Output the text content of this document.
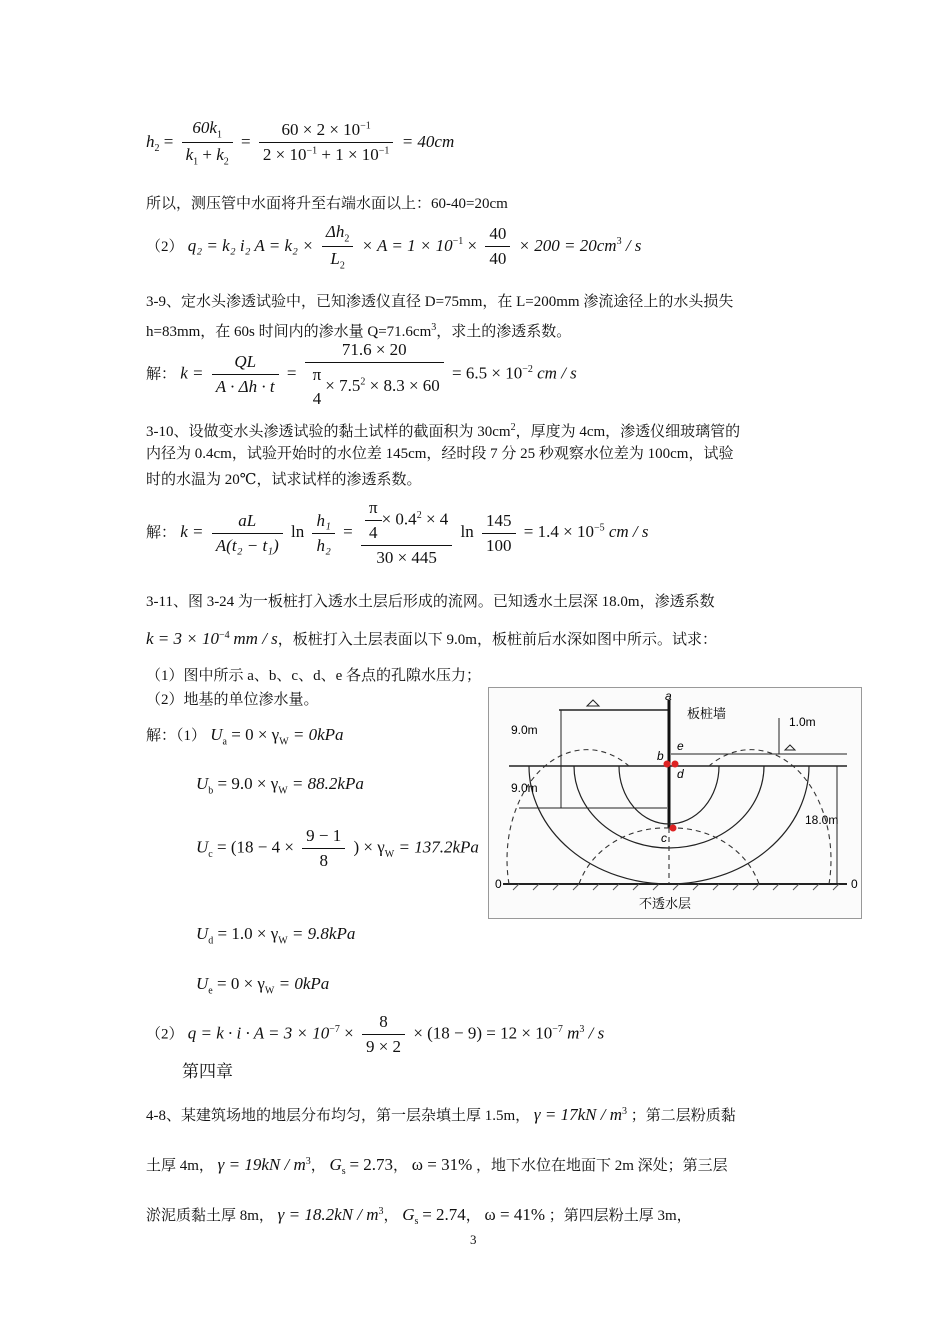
$h_2 = \frac{60k_1}{k_1 + k_2} = \frac{60 \times 2 \times 10^{-1}}{2 \times 10^{-1} + 1 \times 10^{-1}} = 40cm$
所以，测压管中水面将升至右端水面以上：60-40=20cm
（2） q₂ = k₂ i₂ $A = k_2 \times \frac{\Delta h_2}{L_2} \times A = 1 \times 10^{-1} \times \frac{40}{40} \times 200 = 20cm^3 / s$
3-9、定水头渗透试验中，已知渗透仪直径 D=75mm，在 L=200mm 渗流途径上的水头损失
h=83mm，在 60s 时间内的渗水量 $Q=71.6cm^3$，求土的渗透系数。
解： $k = \frac{QL}{A \cdot \Delta h \cdot t} = 71.6 \times 20$
π
4
× $7.5^2 \times 8.3 \times 60 = 6.5 \times 10^{-2}$ cm / s
3-10、设做变水头渗透试验的黏土试样的截面积为 $30cm^2$，厚度为 4cm，渗透仪细玻璃管的
内径为 0.4cm，试验开始时的水位差 145cm，经时段 7 分 25 秒观察水位差为 100cm，试验
时的水温为 20℃，试求试样的渗透系数。
解： $k = \frac{aL}{\text{A(t₂ − t₁)}}$ $\ln \frac{\text{h₁}}{\text{h₂}} = \frac{\frac{\pi}{4} \times 0.4^2 \times 4}{30 \times 445}$ $\ln \frac{145}{100} = 1.4 \times 10^{-5}$ cm / s
3-11、图 3-24 为一板桩打入透水土层后形成的流网。已知透水土层深 18.0m，渗透系数
$k = 3 \times 10^{-4}$ mm / s，板桩打入土层表面以下 9.0m，板桩前后水深如图中所示。试求：
（1）图中所示 a、b、c、d、e 各点的孔隙水压力；
（2）地基的单位渗水量。
解：（1） $U_a = 0 \times \gamma_W = 0kPa$
$U_b = 9.0 \times \gamma_W = 88.2kPa$
$U_c = (18 - 4 \times \frac{9 - 1}{8}$ ) × $\gamma_W = 137.2kPa$
$U_d = 1.0 \times \gamma_W = 9.8kPa$
$U_e = 0 \times \gamma_W = 0kPa$
（2） $q = k \cdot i \cdot A = 3 \times 10^{-7} \times \frac{8}{9 \times 2} \times (18 - 9) = 12 \times 10^{-7}$ $m^3$ / s
第四章
4-8、某建筑场地的地层分布均匀，第一层杂填土厚 1.5m， $\gamma = 17kN / m^3$ ；第二层粉质黏
土厚 4m， $\gamma = 19kN / m^3$， $G_s = 2.73$， ω = 31% ，地下水位在地面下 2m 深处；第三层
淤泥质黏土厚 8m， $\gamma = 18.2kN / m^3$， $G_s = 2.74$， ω = 41% ；第四层粉土厚 3m，
3
a
b
c
d
e
板桩墙
9.0m
9.0m
1.0m
18.0m
0	0
不透水层
